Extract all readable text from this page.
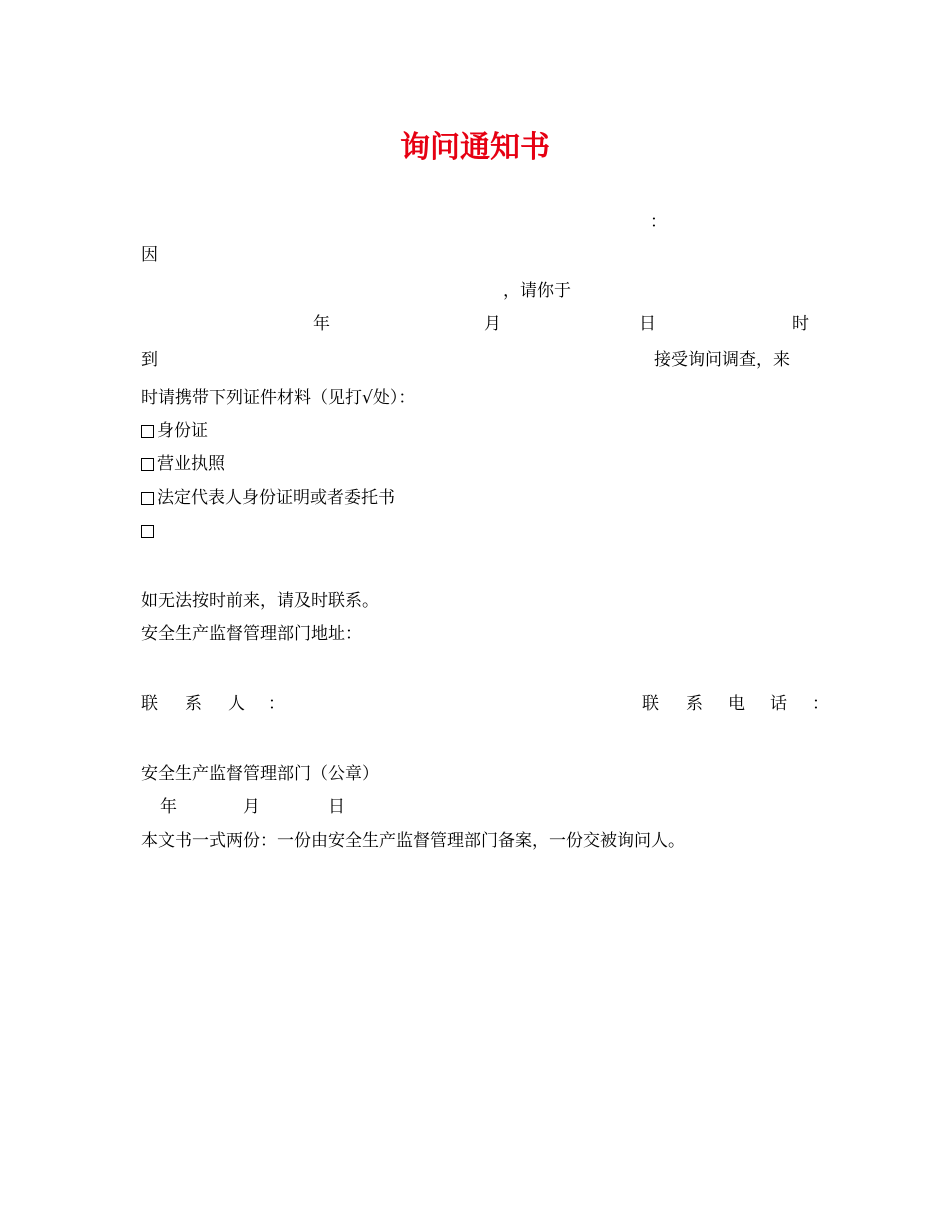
询问通知书
：
因
，请你于
年	月	日	时
到	接受询问调查，来
时请携带下列证件材料（见打√处）：
身份证
营业执照
法定代表人身份证明或者委托书
如无法按时前来，请及时联系。
安全生产监督管理部门地址：
联 系 人 ：	联 系 电 话 ：
安全生产监督管理部门（公章）
年	月	日
本文书一式两份：一份由安全生产监督管理部门备案，一份交被询问人。
